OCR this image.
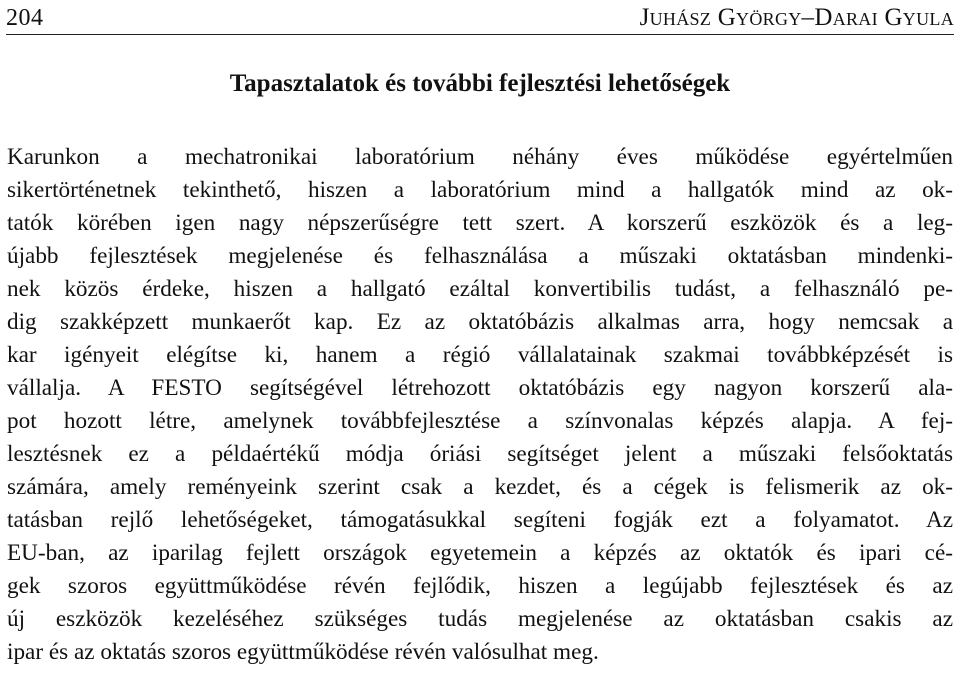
204	Juhász György–Darai Gyula
Tapasztalatok és további fejlesztési lehetőségek

Karunkon a mechatronikai laboratórium néhány éves működése egyértelműen
sikertörténetnek tekinthető, hiszen a laboratórium mind a hallgatók mind az ok-
tatók körében igen nagy népszerűségre tett szert. A korszerű eszközök és a leg-
újabb fejlesztések megjelenése és felhasználása a műszaki oktatásban mindenki-
nek közös érdeke, hiszen a hallgató ezáltal konvertibilis tudást, a felhasználó pe-
dig szakképzett munkaerőt kap. Ez az oktatóbázis alkalmas arra, hogy nemcsak a
kar igényeit elégítse ki, hanem a régió vállalatainak szakmai továbbképzését is
vállalja. A FESTO segítségével létrehozott oktatóbázis egy nagyon korszerű ala-
pot hozott létre, amelynek továbbfejlesztése a színvonalas képzés alapja. A fej-
lesztésnek ez a példaértékű módja óriási segítséget jelent a műszaki felsőoktatás
számára, amely reményeink szerint csak a kezdet, és a cégek is felismerik az ok-
tatásban rejlő lehetőségeket, támogatásukkal segíteni fogják ezt a folyamatot. Az
EU-ban, az iparilag fejlett országok egyetemein a képzés az oktatók és ipari cé-
gek szoros együttműködése révén fejlődik, hiszen a legújabb fejlesztések és az
új eszközök kezeléséhez szükséges tudás megjelenése az oktatásban csakis az
ipar és az oktatás szoros együttműködése révén valósulhat meg.
